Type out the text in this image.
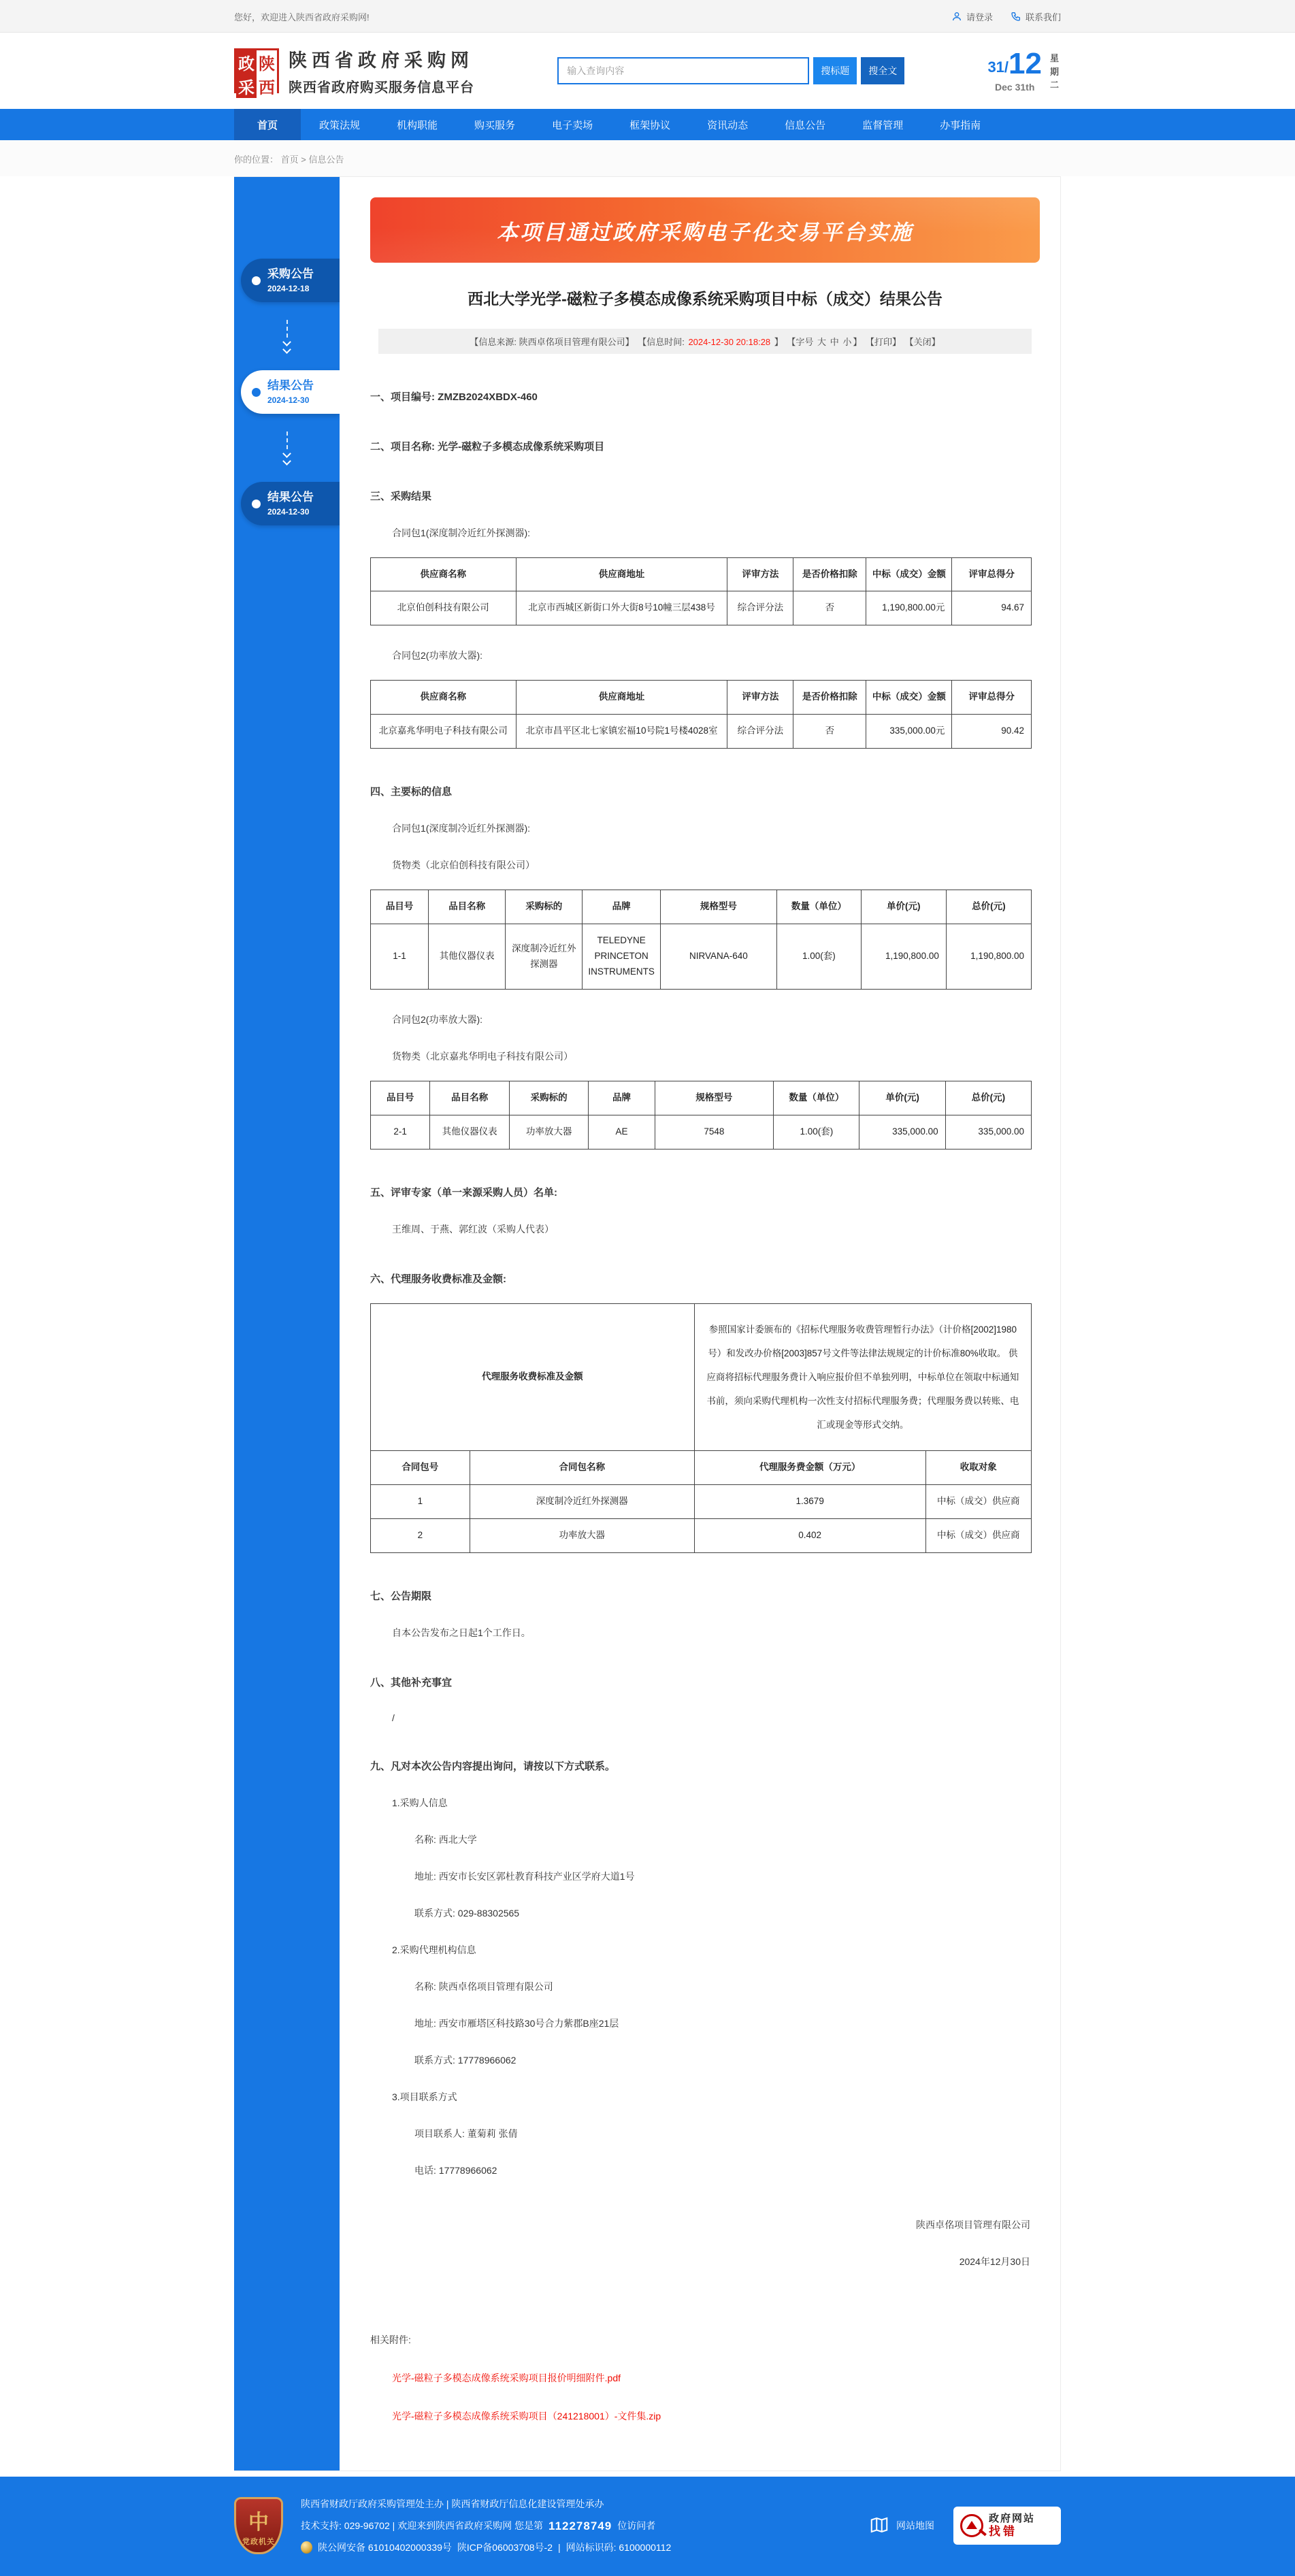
您好，欢迎进入陕西省政府采购网!	请登录	联系我们
政 陕
采 西
陕西省政府采购网
陕西省政府购买服务信息平台
输入查询内容
搜标题	搜全文	31/ 12
Dec 31th
星期二
首页	政策法规	机构职能	购买服务	电子卖场	框架协议	资讯动态	信息公告	监督管理	办事指南
你的位置： 首页 > 信息公告
采购公告
2024-12-18
结果公告
2024-12-30
结果公告
2024-12-30
本项目通过政府采购电子化交易平台实施
西北大学光学-磁粒子多模态成像系统采购项目中标（成交）结果公告
【信息来源: 陕西卓佲项目管理有限公司】 【信息时间: 2024-12-30 20:18:28 】 【字号 大 中 小 】 【打印】 【关闭】
一、项目编号: ZMZB2024XBDX-460
二、项目名称: 光学-磁粒子多模态成像系统采购项目
三、采购结果
合同包1(深度制冷近红外探测器):
供应商名称	供应商地址	评审方法	是否价格扣除	中标（成交）金额	评审总得分
北京伯创科技有限公司	北京市西城区新街口外大街8号10幢三层438号	综合评分法	否	1,190,800.00元	94.67
合同包2(功率放大器):
供应商名称	供应商地址	评审方法	是否价格扣除	中标（成交）金额	评审总得分
北京嘉兆华明电子科技有限公司	北京市昌平区北七家镇宏福10号院1号楼4028室	综合评分法	否	335,000.00元	90.42
四、主要标的信息
合同包1(深度制冷近红外探测器):
货物类（北京伯创科技有限公司）
品目号	品目名称	采购标的	品牌	规格型号	数量（单位）	单价(元)	总价(元)
1-1	其他仪器仪表	深度制冷近红外探测器	TELEDYNE PRINCETON INSTRUMENTS	NIRVANA-640	1.00(套)	1,190,800.00	1,190,800.00
合同包2(功率放大器):
货物类（北京嘉兆华明电子科技有限公司）
品目号	品目名称	采购标的	品牌	规格型号	数量（单位）	单价(元)	总价(元)
2-1	其他仪器仪表	功率放大器	AE	7548	1.00(套)	335,000.00	335,000.00
五、评审专家（单一来源采购人员）名单:
王维周、于燕、郭红波（采购人代表）
六、代理服务收费标准及金额:
代理服务收费标准及金额		参照国家计委颁布的《招标代理服务收费管理暂行办法》（计价格[2002]1980号）和发改办价格[2003]857号文件等法律法规规定的计价标准80%收取。 供应商将招标代理服务费计入响应报价但不单独列明，中标单位在领取中标通知书前，须向采购代理机构一次性支付招标代理服务费；代理服务费以转账、电汇或现金等形式交纳。	
合同包号	合同包名称	代理服务费金额（万元）	收取对象
1	深度制冷近红外探测器	1.3679	中标（成交）供应商
2	功率放大器	0.402	中标（成交）供应商
七、公告期限
自本公告发布之日起1个工作日。
八、其他补充事宜
/
九、凡对本次公告内容提出询问，请按以下方式联系。
1.采购人信息
名称: 西北大学
地址: 西安市长安区郭杜教育科技产业区学府大道1号
联系方式: 029-88302565
2.采购代理机构信息
名称: 陕西卓佲项目管理有限公司
地址: 西安市雁塔区科技路30号合力紫郡B座21层
联系方式: 17778966062
3.项目联系方式
项目联系人: 董菊莉 张倩
电话: 17778966062
陕西卓佲项目管理有限公司
2024年12月30日
相关附件:
光学-磁粒子多模态成像系统采购项目报价明细附件.pdf
光学-磁粒子多模态成像系统采购项目（241218001）-文件集.zip
中
党政机关
陕西省财政厅政府采购管理处主办 | 陕西省财政厅信息化建设管理处承办
技术支持: 029-96702 | 欢迎来到陕西省政府采购网 您是第 112278749 位访问者
陕公网安备 61010402000339号 陕ICP备06003708号-2 | 网站标识码: 6100000112
网站地图
政府网站
找错
